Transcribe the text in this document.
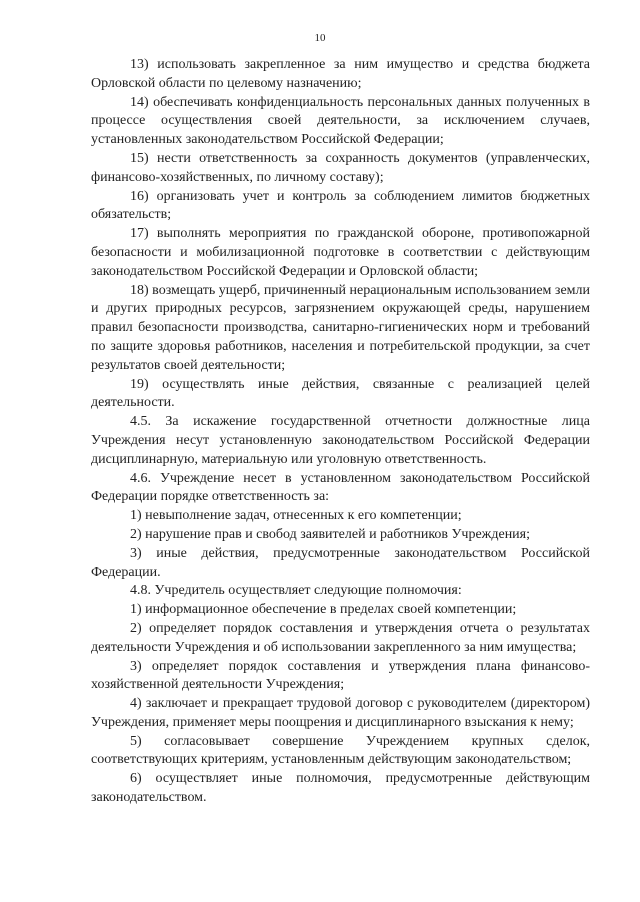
10

13) использовать закрепленное за ним имущество и средства бюджета Орловской области по целевому назначению;

14) обеспечивать конфиденциальность персональных данных полученных в процессе осуществления своей деятельности, за исключением случаев, установленных законодательством Российской Федерации;

15) нести ответственность за сохранность документов (управленческих, финансово-хозяйственных, по личному составу);

16) организовать учет и контроль за соблюдением лимитов бюджетных обязательств;

17) выполнять мероприятия по гражданской обороне, противопожарной безопасности и мобилизационной подготовке в соответствии с действующим законодательством Российской Федерации и Орловской области;

18) возмещать ущерб, причиненный нерациональным использованием земли и других природных ресурсов, загрязнением окружающей среды, нарушением правил безопасности производства, санитарно-гигиенических норм и требований по защите здоровья работников, населения и потребительской продукции, за счет результатов своей деятельности;

19) осуществлять иные действия, связанные с реализацией целей деятельности.

4.5. За искажение государственной отчетности должностные лица Учреждения несут установленную законодательством Российской Федерации дисциплинарную, материальную или уголовную ответственность.

4.6. Учреждение несет в установленном законодательством Российской Федерации порядке ответственность за:

1) невыполнение задач, отнесенных к его компетенции;

2) нарушение прав и свобод заявителей и работников Учреждения;

3) иные действия, предусмотренные законодательством Российской Федерации.

4.8. Учредитель осуществляет следующие полномочия:

1) информационное обеспечение в пределах своей компетенции;

2) определяет порядок составления и утверждения отчета о результатах деятельности Учреждения и об использовании закрепленного за ним имущества;

3) определяет порядок составления и утверждения плана финансово-хозяйственной деятельности Учреждения;

4) заключает и прекращает трудовой договор с руководителем (директором) Учреждения, применяет меры поощрения и дисциплинарного взыскания к нему;

5) согласовывает совершение Учреждением крупных сделок, соответствующих критериям, установленным действующим законодательством;

6) осуществляет иные полномочия, предусмотренные действующим законодательством.
